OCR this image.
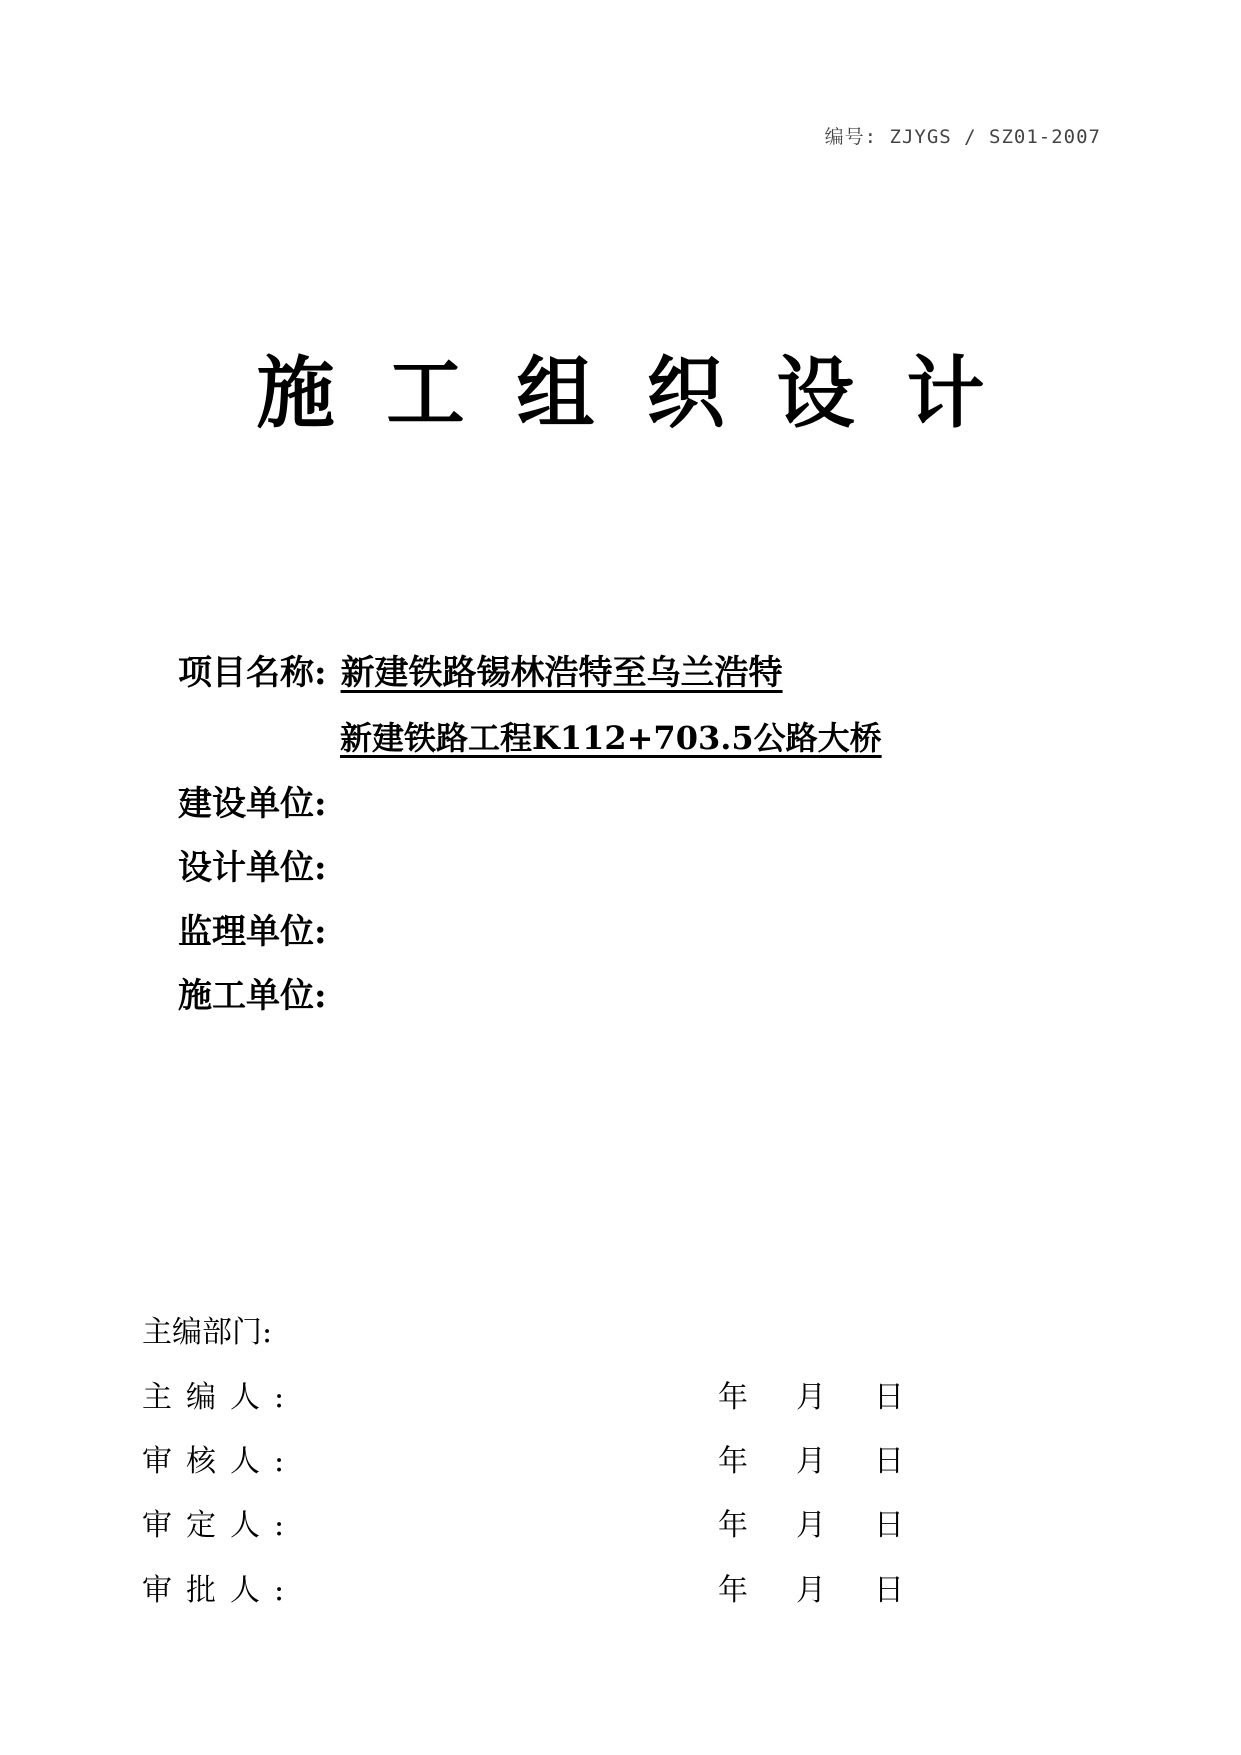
编号: ZJYGS / SZ01-2007
施工组织设计
项目名称: 新建铁路锡林浩特至乌兰浩特
新建铁路工程K112+703.5公路大桥
建设单位:
设计单位:
监理单位:
施工单位:
主编部门:
主编人:	年 月 日
审核人:	年 月 日
审定人:	年 月 日
审批人:	年 月 日
